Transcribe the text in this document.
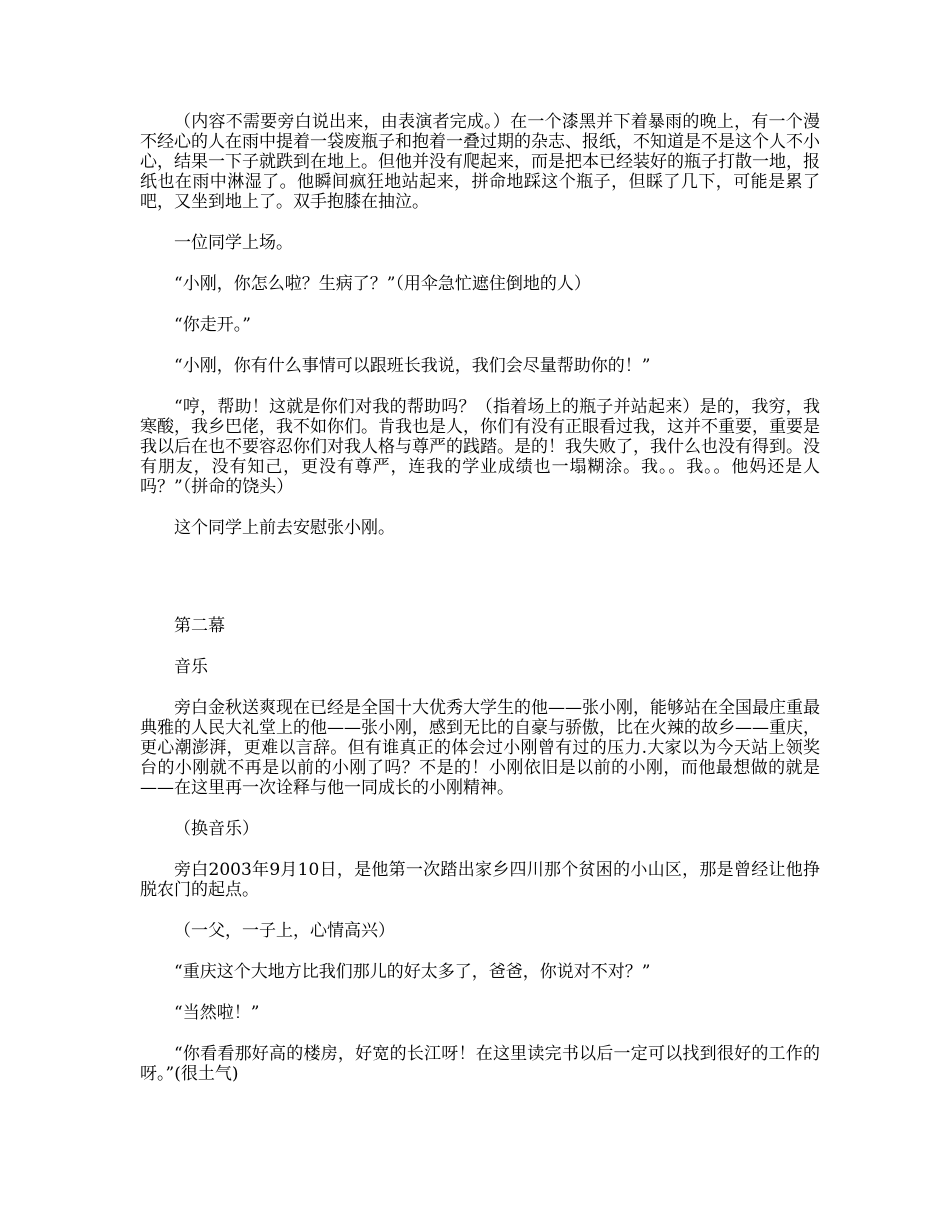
（内容不需要旁白说出来，由表演者完成。）在一个漆黑并下着暴雨的晚上，有一个漫不经心的人在雨中提着一袋废瓶子和抱着一叠过期的杂志、报纸，不知道是不是这个人不小心，结果一下子就跌到在地上。但他并没有爬起来，而是把本已经装好的瓶子打散一地，报纸也在雨中淋湿了。他瞬间疯狂地站起来，拼命地踩这个瓶子，但睬了几下，可能是累了吧，又坐到地上了。双手抱膝在抽泣。

一位同学上场。

“小刚，你怎么啦？生病了？”（用伞急忙遮住倒地的人）

“你走开。”

“小刚，你有什么事情可以跟班长我说，我们会尽量帮助你的！”

“哼，帮助！这就是你们对我的帮助吗？（指着场上的瓶子并站起来）是的，我穷，我寒酸，我乡巴佬，我不如你们。肯我也是人，你们有没有正眼看过我，这并不重要，重要是我以后在也不要容忍你们对我人格与尊严的践踏。是的！我失败了，我什么也没有得到。没有朋友，没有知己，更没有尊严，连我的学业成绩也一塌糊涂。我。。我。。他妈还是人吗？”（拼命的饶头）

这个同学上前去安慰张小刚。

第二幕

音乐

旁白金秋送爽现在已经是全国十大优秀大学生的他——张小刚，能够站在全国最庄重最典雅的人民大礼堂上的他——张小刚，感到无比的自豪与骄傲，比在火辣的故乡——重庆，更心潮澎湃，更难以言辞。但有谁真正的体会过小刚曾有过的压力.大家以为今天站上领奖台的小刚就不再是以前的小刚了吗？不是的！小刚依旧是以前的小刚，而他最想做的就是——在这里再一次诠释与他一同成长的小刚精神。

（换音乐）

旁白2003年9月10日，是他第一次踏出家乡四川那个贫困的小山区，那是曾经让他挣脱农门的起点。

（一父，一子上，心情高兴）

“重庆这个大地方比我们那儿的好太多了，爸爸，你说对不对？”

“当然啦！”

“你看看那好高的楼房，好宽的长江呀！在这里读完书以后一定可以找到很好的工作的呀。”(很土气)
